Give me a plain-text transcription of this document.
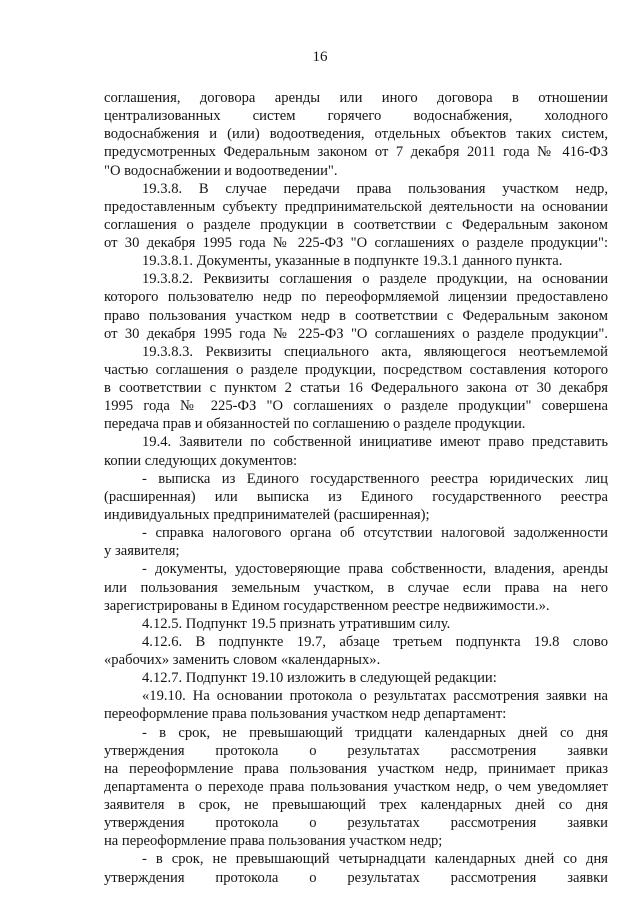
16
соглашения, договора аренды или иного договора в отношении
централизованных систем горячего водоснабжения, холодного
водоснабжения и (или) водоотведения, отдельных объектов таких систем,
предусмотренных Федеральным законом от 7 декабря 2011 года № 416-ФЗ
"О водоснабжении и водоотведении".
19.3.8. В случае передачи права пользования участком недр,
предоставленным субъекту предпринимательской деятельности на основании
соглашения о разделе продукции в соответствии с Федеральным законом
от 30 декабря 1995 года № 225-ФЗ "О соглашениях о разделе продукции":
19.3.8.1. Документы, указанные в подпункте 19.3.1 данного пункта.
19.3.8.2. Реквизиты соглашения о разделе продукции, на основании
которого пользователю недр по переоформляемой лицензии предоставлено
право пользования участком недр в соответствии с Федеральным законом
от 30 декабря 1995 года № 225-ФЗ "О соглашениях о разделе продукции".
19.3.8.3. Реквизиты специального акта, являющегося неотъемлемой
частью соглашения о разделе продукции, посредством составления которого
в соответствии с пунктом 2 статьи 16 Федерального закона от 30 декабря
1995 года № 225-ФЗ "О соглашениях о разделе продукции" совершена
передача прав и обязанностей по соглашению о разделе продукции.
19.4. Заявители по собственной инициативе имеют право представить
копии следующих документов:
- выписка из Единого государственного реестра юридических лиц
(расширенная) или выписка из Единого государственного реестра
индивидуальных предпринимателей (расширенная);
- справка налогового органа об отсутствии налоговой задолженности
у заявителя;
- документы, удостоверяющие права собственности, владения, аренды
или пользования земельным участком, в случае если права на него
зарегистрированы в Едином государственном реестре недвижимости.».
4.12.5. Подпункт 19.5 признать утратившим силу.
4.12.6. В подпункте 19.7, абзаце третьем подпункта 19.8 слово
«рабочих» заменить словом «календарных».
4.12.7. Подпункт 19.10 изложить в следующей редакции:
«19.10. На основании протокола о результатах рассмотрения заявки на
переоформление права пользования участком недр департамент:
- в срок, не превышающий тридцати календарных дней со дня
утверждения протокола о результатах рассмотрения заявки
на переоформление права пользования участком недр, принимает приказ
департамента о переходе права пользования участком недр, о чем уведомляет
заявителя в срок, не превышающий трех календарных дней со дня
утверждения протокола о результатах рассмотрения заявки
на переоформление права пользования участком недр;
- в срок, не превышающий четырнадцати календарных дней со дня
утверждения протокола о результатах рассмотрения заявки
